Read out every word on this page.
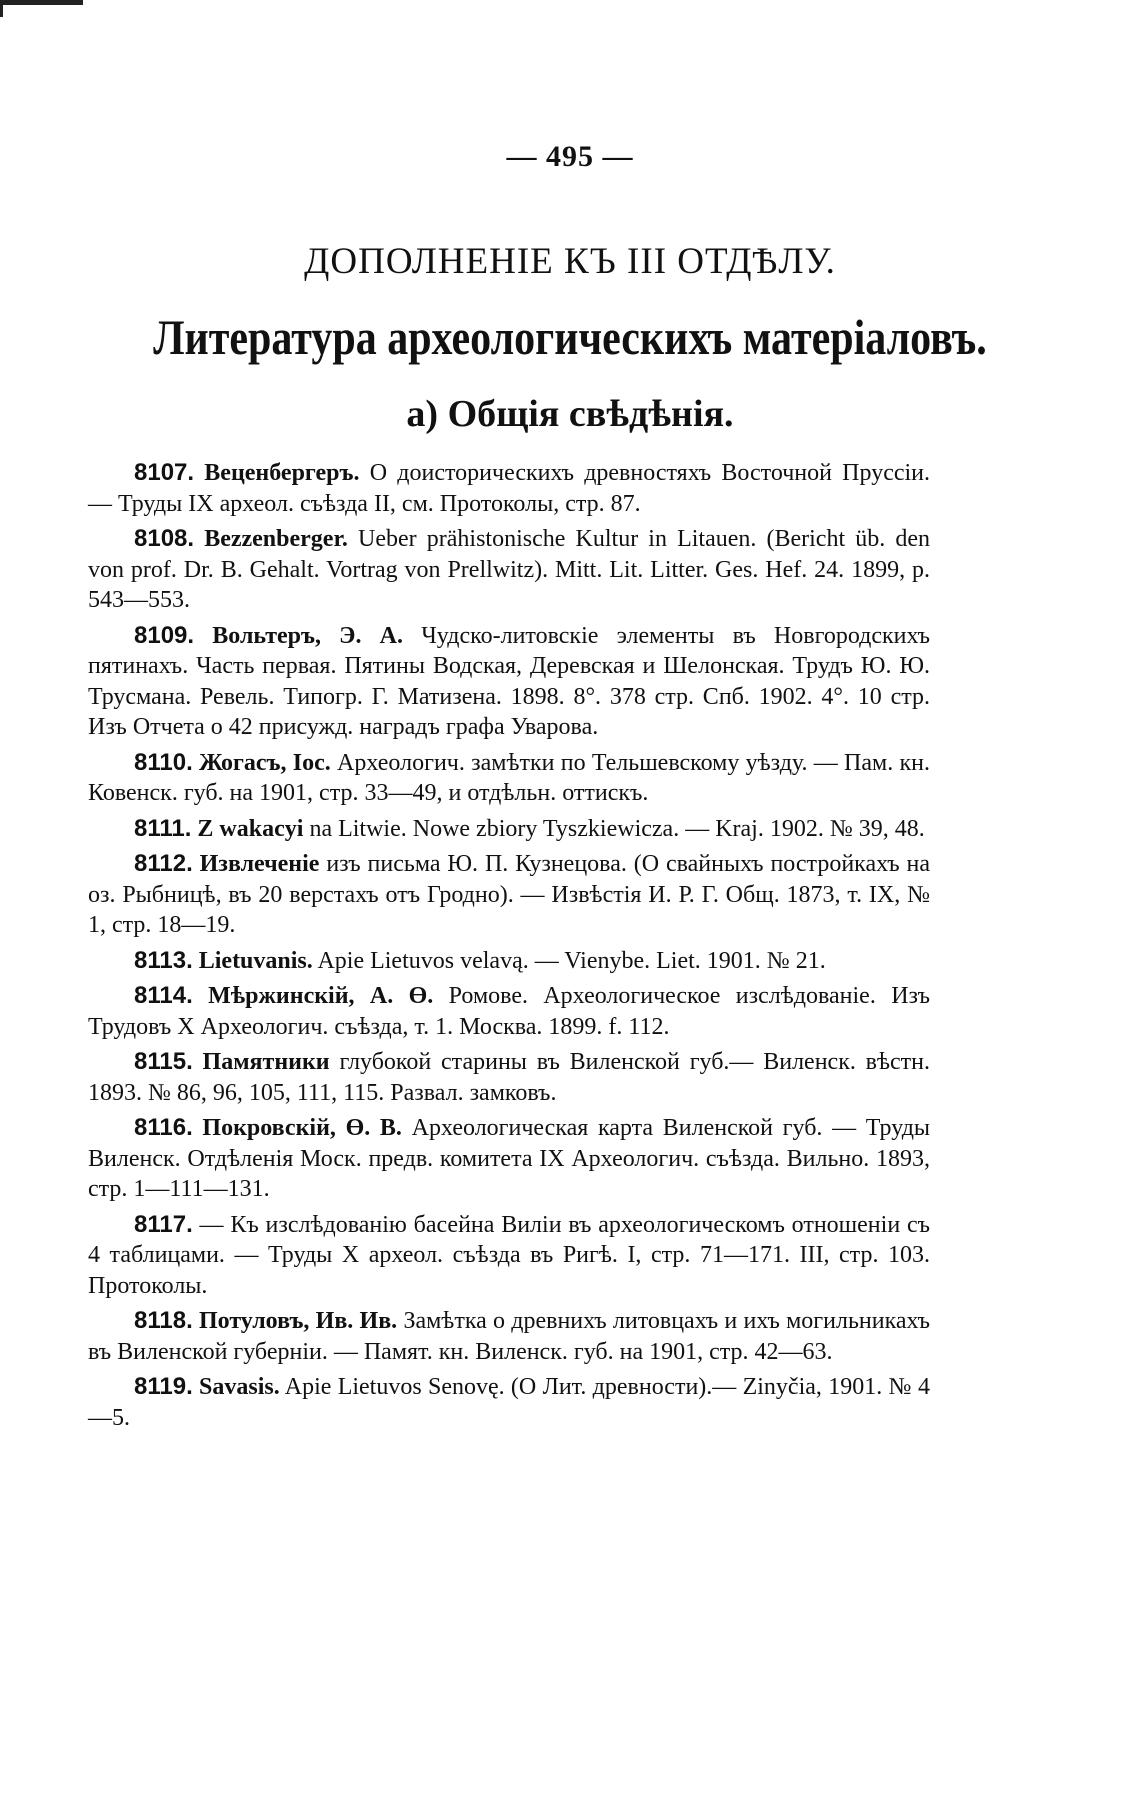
— 495 —
ДОПОЛНЕНІЕ КЪ III ОТДѢЛУ.
Литература археологическихъ матеріаловъ.
а) Общія свѣдѣнія.

8107. Веценбергеръ. О доисторическихъ древностяхъ Восточной Пруссіи. — Труды IX археол. съѣзда II, см. Протоколы, стр. 87.

8108. Bezzenberger. Ueber prähistonische Kultur in Litauen. (Bericht üb. den von prof. Dr. B. Gehalt. Vortrag von Prellwitz). Mitt. Lit. Litter. Ges. Hef. 24. 1899, p. 543—553.

8109. Вольтеръ, Э. А. Чудско-литовскіе элементы въ Новгородскихъ пятинахъ. Часть первая. Пятины Водская, Деревская и Шелонская. Трудъ Ю. Ю. Трусмана. Ревель. Типогр. Г. Матизена. 1898. 8°. 378 стр. Спб. 1902. 4°. 10 стр. Изъ Отчета о 42 присужд. наградъ графа Уварова.

8110. Жогасъ, Іос. Археологич. замѣтки по Тельшевскому уѣзду. — Пам. кн. Ковенск. губ. на 1901, стр. 33—49, и отдѣльн. оттискъ.

8111. Z wakacyi na Litwie. Nowe zbiory Tyszkiewicza. — Kraj. 1902. № 39, 48.

8112. Извлеченіе изъ письма Ю. П. Кузнецова. (О свайныхъ постройкахъ на оз. Рыбницѣ, въ 20 верстахъ отъ Гродно). — Извѣстія И. Р. Г. Общ. 1873, т. IX, № 1, стр. 18—19.

8113. Lietuvanis. Apie Lietuvos velavą. — Vienybe. Liet. 1901. № 21.

8114. Мѣржинскій, А. Ө. Ромове. Археологическое изслѣдованіе. Изъ Трудовъ X Археологич. съѣзда, т. 1. Москва. 1899. f. 112.

8115. Памятники глубокой старины въ Виленской губ.— Виленск. вѣстн. 1893. № 86, 96, 105, 111, 115. Развал. замковъ.

8116. Покровскій, Ө. В. Археологическая карта Виленской губ. — Труды Виленск. Отдѣленія Моск. предв. комитета IX Археологич. съѣзда. Вильно. 1893, стр. 1—111—131.

8117. — Къ изслѣдованію басейна Виліи въ археологическомъ отношеніи съ 4 таблицами. — Труды X археол. съѣзда въ Ригѣ. I, стр. 71—171. III, стр. 103. Протоколы.

8118. Потуловъ, Ив. Ив. Замѣтка о древнихъ литовцахъ и ихъ могильникахъ въ Виленской губерніи. — Памят. кн. Виленск. губ. на 1901, стр. 42—63.

8119. Savasis. Apie Lietuvos Senovę. (О Лит. древности).— Zinyčia, 1901. № 4—5.
